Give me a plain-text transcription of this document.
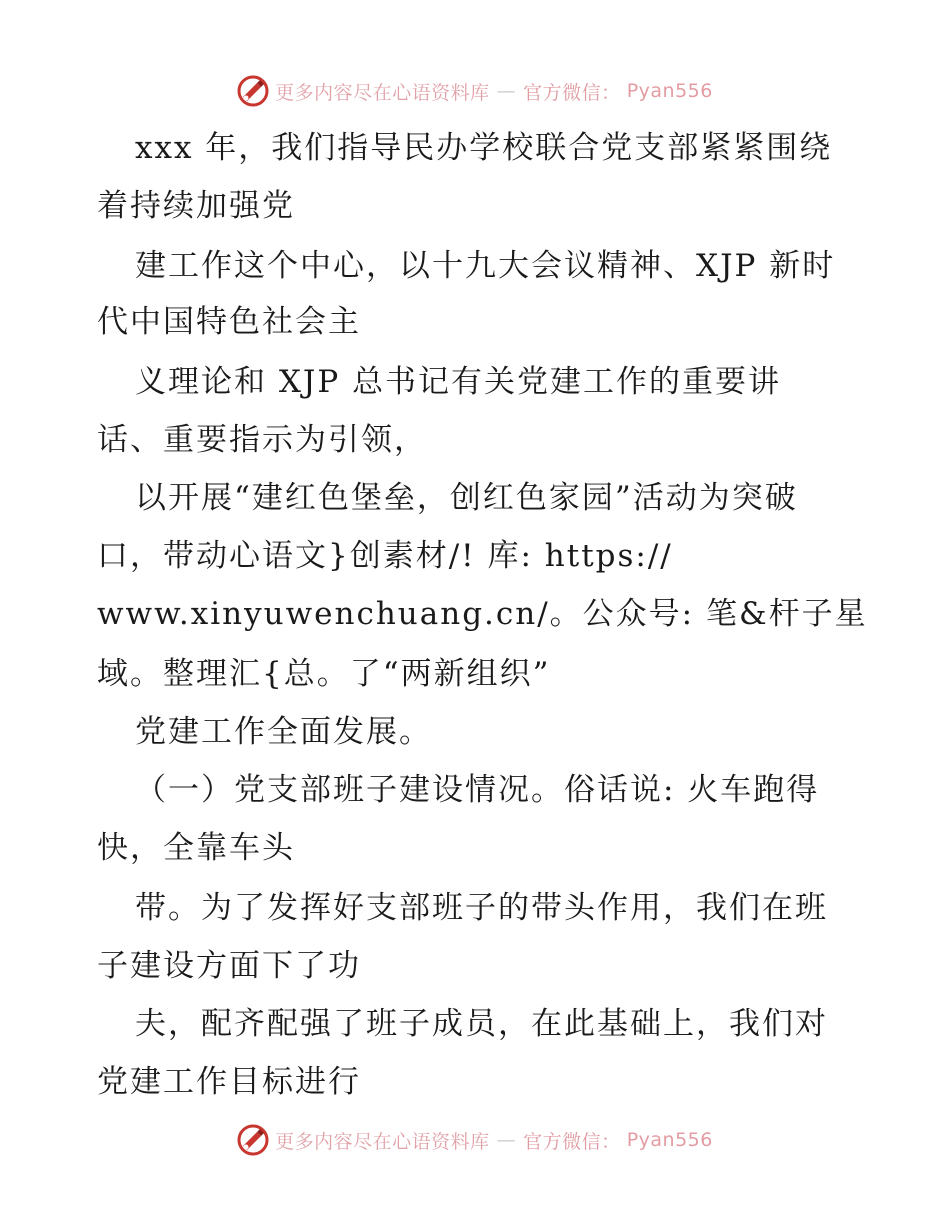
更多内容尽在心语资料库 — 官方微信： Pyan556
xxx 年，我们指导民办学校联合党支部紧紧围绕
着持续加强党
建工作这个中心，以十九大会议精神、XJP 新时
代中国特色社会主
义理论和 XJP 总书记有关党建工作的重要讲
话、重要指示为引领，
以开展“建红色堡垒，创红色家园”活动为突破
口，带动心语文}创素材/! 库: https://
www.xinyuwenchuang.cn/。公众号: 笔&杆子星
域。整理汇{总。了“两新组织”
党建工作全面发展。
（一）党支部班子建设情况。俗话说: 火车跑得
快，全靠车头
带。为了发挥好支部班子的带头作用，我们在班
子建设方面下了功
夫，配齐配强了班子成员，在此基础上，我们对
党建工作目标进行
更多内容尽在心语资料库 — 官方微信： Pyan556
